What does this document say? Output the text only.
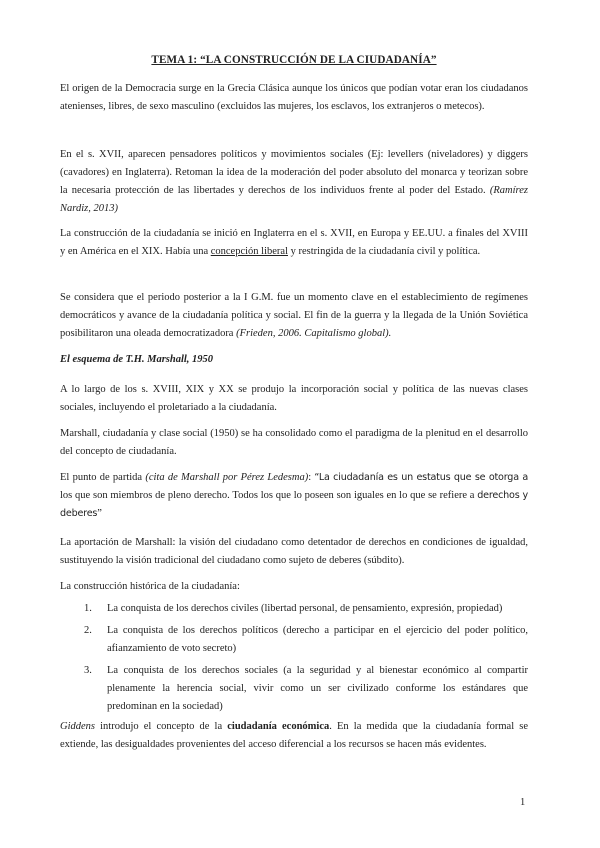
TEMA 1: “LA CONSTRUCCIÓN DE LA CIUDADANÍA”
El origen de la Democracia surge en la Grecia Clásica aunque los únicos que podían votar eran los ciudadanos atenienses, libres, de sexo masculino (excluidos las mujeres, los esclavos, los extranjeros o metecos).
En el s. XVII, aparecen pensadores políticos y movimientos sociales (Ej: levellers (niveladores) y diggers (cavadores) en Inglaterra). Retoman la idea de la moderación del poder absoluto del monarca y teorizan sobre la necesaria protección de las libertades y derechos de los individuos frente al poder del Estado. (Ramírez Nardiz, 2013)
La construcción de la ciudadanía se inició en Inglaterra en el s. XVII, en Europa y EE.UU. a finales del XVIII y en América en el XIX. Había una concepción liberal y restringida de la ciudadanía civil y política.
Se considera que el periodo posterior a la I G.M. fue un momento clave en el establecimiento de regímenes democráticos y avance de la ciudadanía política y social. El fin de la guerra y la llegada de la Unión Soviética posibilitaron una oleada democratizadora (Frieden, 2006. Capitalismo global).
El esquema de T.H. Marshall, 1950
A lo largo de los s. XVIII, XIX y XX se produjo la incorporación social y política de las nuevas clases sociales, incluyendo el proletariado a la ciudadanía.
Marshall, ciudadanía y clase social (1950) se ha consolidado como el paradigma de la plenitud en el desarrollo del concepto de ciudadanía.
El punto de partida (cita de Marshall por Pérez Ledesma): “La ciudadanía es un estatus que se otorga a los que son miembros de pleno derecho. Todos los que lo poseen son iguales en lo que se refiere a derechos y deberes”
La aportación de Marshall: la visión del ciudadano como detentador de derechos en condiciones de igualdad, sustituyendo la visión tradicional del ciudadano como sujeto de deberes (súbdito).
La construcción histórica de la ciudadanía:
1. La conquista de los derechos civiles (libertad personal, de pensamiento, expresión, propiedad)
2. La conquista de los derechos políticos (derecho a participar en el ejercicio del poder político, afianzamiento de voto secreto)
3. La conquista de los derechos sociales (a la seguridad y al bienestar económico al compartir plenamente la herencia social, vivir como un ser civilizado conforme los estándares que predominan en la sociedad)
Giddens introdujo el concepto de la ciudadanía económica. En la medida que la ciudadanía formal se extiende, las desigualdades provenientes del acceso diferencial a los recursos se hacen más evidentes.
1
